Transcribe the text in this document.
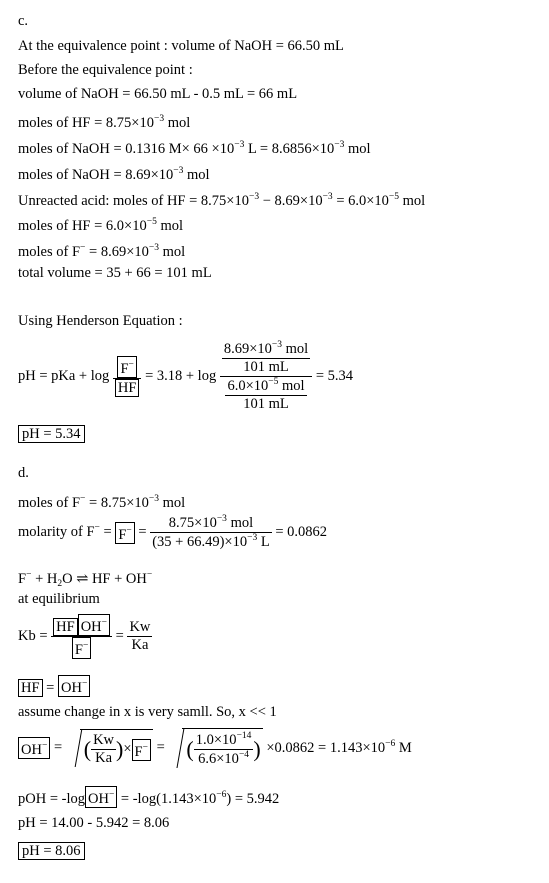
c.
At the equivalence point : volume of NaOH = 66.50 mL
Before the equivalence point :
volume of NaOH = 66.50 mL - 0.5 mL = 66 mL
moles of HF = $8.75\times 10^{-3}$ mol
moles of NaOH = 0.1316 $M\times 66 \times 10^{-3}$ $L = 8.6856\times 10^{-3}$ mol
moles of NaOH = $8.69\times 10^{-3}$ mol
Unreacted acid: moles of HF = $8.75\times 10^{-3} - 8.69\times 10^{-3} = 6.0\times 10^{-5}$ mol
moles of HF = $6.0\times 10^{-5}$ mol
moles of $F^- = 8.69\times 10^{-3}$ mol
total volume = 35 + 66 = 101 mL
Using Henderson Equation :
pH = pKa + $\log \frac{F^-}{HF} = 3.18 + \log \frac{\frac{8.69\times 10^{-3} mol}{101 mL}}{\frac{6.0\times 10^{-5} mol}{101 mL}} = 5.34$
pH = 5.34
d.
moles of $F^- = 8.75\times 10^{-3}$ mol
molarity of $F^- = F^- = \frac{8.75\times 10^{-3} mol}{(35 + 66.49)\times 10^{-3} L} = 0.0862$
$F^- + H_2O$ ⇌ HF + OH−
at equilibrium
$Kb = \frac{HF OH^-}{F^-} = \frac{Kw}{Ka}$
HF = OH−
assume change in x is very samll. So, x << 1
OH− = ( $\frac{Kw}{Ka}$ )× F− = ( $\frac{1.0\times 10^{-14}}{6.6\times 10^{-4}}$ ) $\times 0.0862 = 1.143\times 10^{-6}$ M
pOH = -log $OH^- = -\log(1.143\times 10^{-6}) = 5.942$
pH = 14.00 - 5.942 = 8.06
pH = 8.06
